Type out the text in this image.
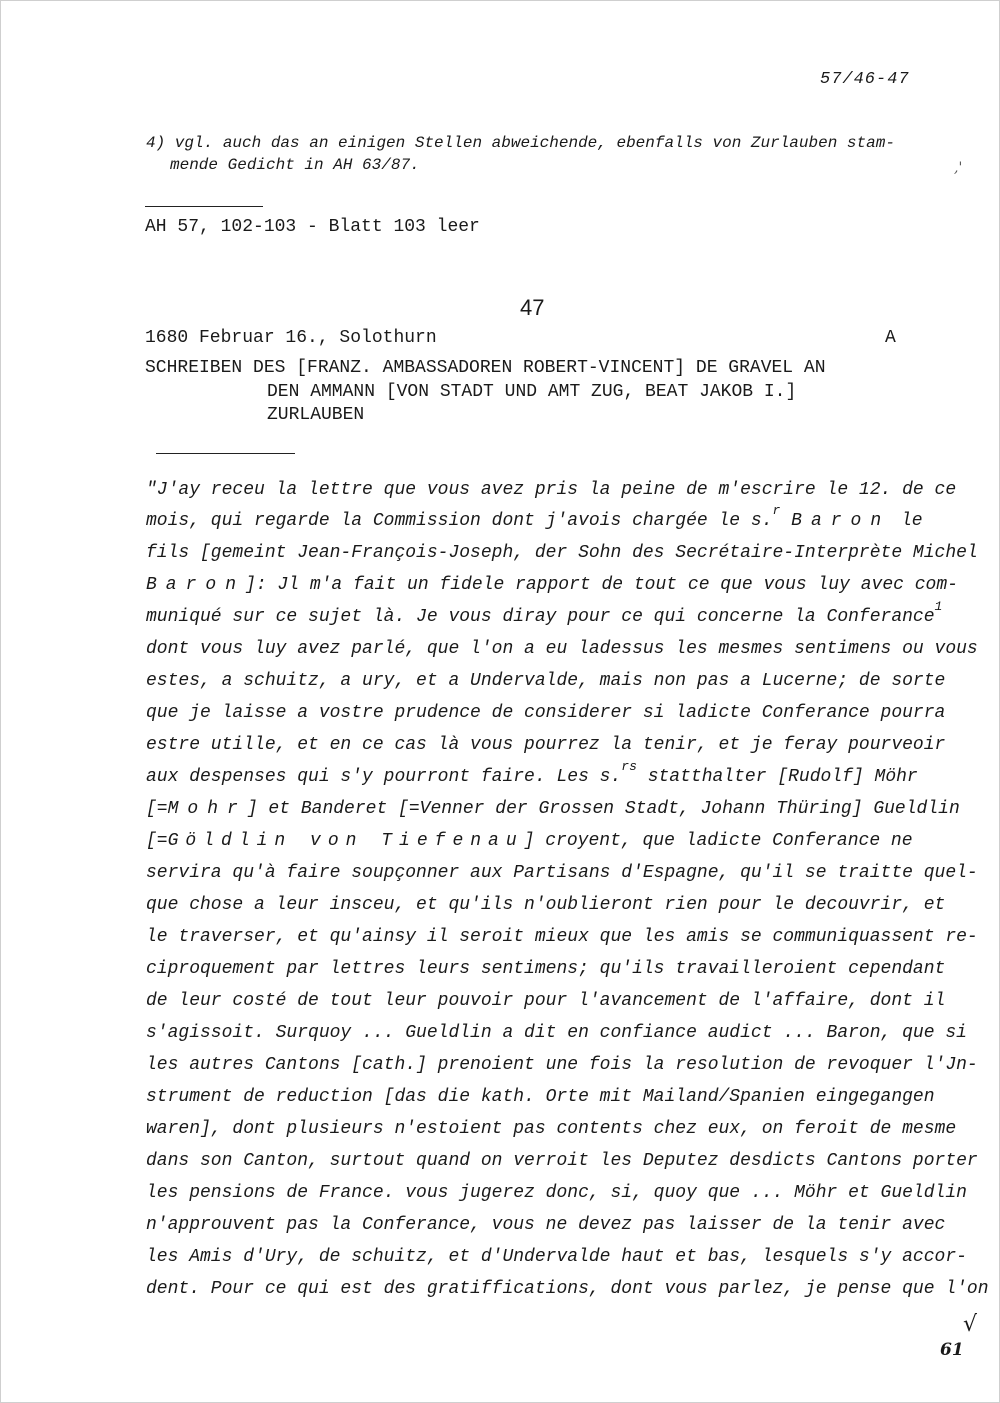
57/46-47
4) vgl. auch das an einigen Stellen abweichende, ebenfalls von Zurlauben stam-
mende Gedicht in AH 63/87.	,'
AH 57, 102-103 - Blatt 103 leer
47
1680 Februar 16., Solothurn	A
SCHREIBEN DES [FRANZ. AMBASSADOREN ROBERT-VINCENT] DE GRAVEL AN
DEN AMMANN [VON STADT UND AMT ZUG, BEAT JAKOB I.]
ZURLAUBEN
"J'ay receu la lettre que vous avez pris la peine de m'escrire le 12. de ce
mois, qui regarde la Commission dont j'avois chargée le s.$^r$ Baron le
fils [gemeint Jean-François-Joseph, der Sohn des Secrétaire-Interprète Michel
Baron]: Jl m'a fait un fidele rapport de tout ce que vous luy avec com-
muniqué sur ce sujet là. Je vous diray pour ce qui concerne la Conferance$^1$
dont vous luy avez parlé, que l'on a eu ladessus les mesmes sentimens ou vous
estes, a schuitz, a ury, et a Undervalde, mais non pas a Lucerne; de sorte
que je laisse a vostre prudence de considerer si ladicte Conferance pourra
estre utille, et en ce cas là vous pourrez la tenir, et je feray pourveoir
aux despenses qui s'y pourront faire. Les s.$^{rs}$ statthalter [Rudolf] Möhr
[=Mohr] et Banderet [=Venner der Grossen Stadt, Johann Thüring] Gueldlin
[=Göldlin von Tiefenau] croyent, que ladicte Conferance ne
servira qu'à faire soupçonner aux Partisans d'Espagne, qu'il se traitte quel-
que chose a leur insceu, et qu'ils n'oublieront rien pour le decouvrir, et
le traverser, et qu'ainsy il seroit mieux que les amis se communiquassent re-
ciproquement par lettres leurs sentimens; qu'ils travailleroient cependant
de leur costé de tout leur pouvoir pour l'avancement de l'affaire, dont il
s'agissoit. Surquoy ... Gueldlin a dit en confiance audict ... Baron, que si
les autres Cantons [cath.] prenoient une fois la resolution de revoquer l'Jn-
strument de reduction [das die kath. Orte mit Mailand/Spanien eingegangen
waren], dont plusieurs n'estoient pas contents chez eux, on feroit de mesme
dans son Canton, surtout quand on verroit les Deputez desdicts Cantons porter
les pensions de France. vous jugerez donc, si, quoy que ... Möhr et Gueldlin
n'approuvent pas la Conferance, vous ne devez pas laisser de la tenir avec
les Amis d'Ury, de schuitz, et d'Undervalde haut et bas, lesquels s'y accor-
dent. Pour ce qui est des gratiffications, dont vous parlez, je pense que l'on
√
61
